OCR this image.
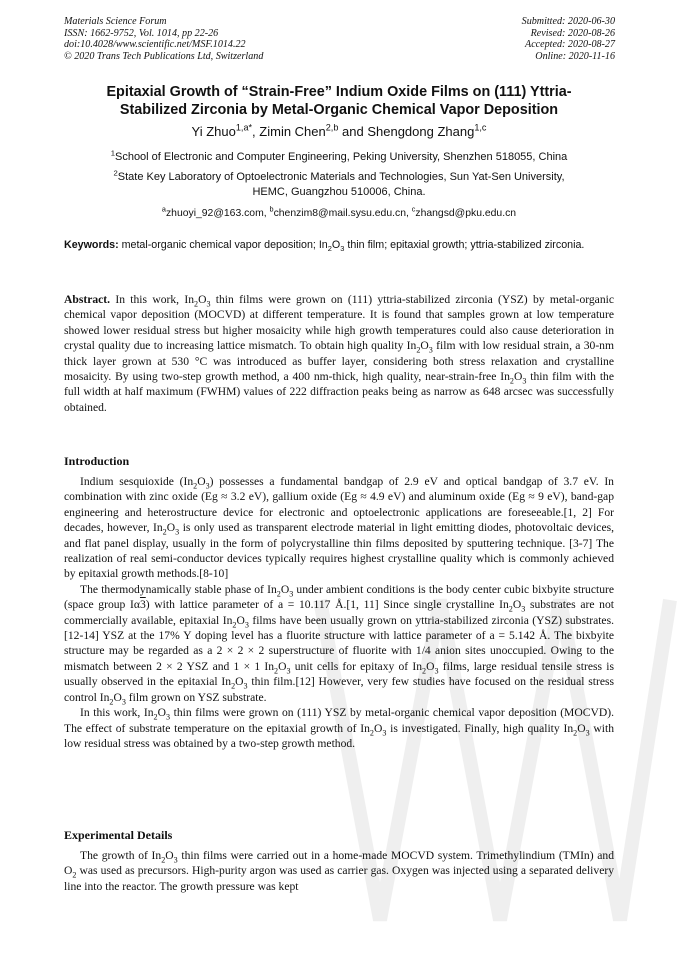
Materials Science Forum
ISSN: 1662-9752, Vol. 1014, pp 22-26
doi:10.4028/www.scientific.net/MSF.1014.22
© 2020 Trans Tech Publications Ltd, Switzerland
Submitted: 2020-06-30
Revised: 2020-08-26
Accepted: 2020-08-27
Online: 2020-11-16
Epitaxial Growth of “Strain-Free” Indium Oxide Films on (111) Yttria-
Stabilized Zirconia by Metal-Organic Chemical Vapor Deposition
Yi Zhuo$^{1,a*}$, Zimin Chen$^{2,b}$ and Shengdong Zhang$^{1,c}$
$^1$School of Electronic and Computer Engineering, Peking University, Shenzhen 518055, China
$^2$State Key Laboratory of Optoelectronic Materials and Technologies, Sun Yat-Sen University,
HEMC, Guangzhou 510006, China.
$^a$zhuoyi_92@163.com, $^b$chenzim8@mail.sysu.edu.cn, $^c$zhangsd@pku.edu.cn
Keywords: metal-organic chemical vapor deposition; $In_2O_3$ thin film; epitaxial growth; yttria-stabilized zirconia.
Abstract. In this work, $In_2O_3$ thin films were grown on (111) yttria-stabilized zirconia (YSZ) by metal-organic chemical vapor deposition (MOCVD) at different temperature. It is found that samples grown at low temperature showed lower residual stress but higher mosaicity while high growth temperatures could also cause deterioration in crystal quality due to increasing lattice mismatch. To obtain high quality $In_2O_3$ film with low residual strain, a 30-nm thick layer grown at 530 °C was introduced as buffer layer, considering both stress relaxation and crystalline mosaicity. By using two-step growth method, a 400 nm-thick, high quality, near-strain-free $In_2O_3$ thin film with the full width at half maximum (FWHM) values of 222 diffraction peaks being as narrow as 648 arcsec was successfully obtained.
Introduction

Indium sesquioxide $(In_2O_3)$ possesses a fundamental bandgap of 2.9 eV and optical bandgap of 3.7 eV. In combination with zinc oxide (Eg ≈ 3.2 eV), gallium oxide (Eg ≈ 4.9 eV) and aluminum oxide (Eg ≈ 9 eV), band-gap engineering and heterostructure device for electronic and optoelectronic applications are foreseeable.[1, 2] For decades, however, $In_2O_3$ is only used as transparent electrode material in light emitting diodes, photovoltaic devices, and flat panel display, usually in the form of polycrystalline thin films deposited by sputtering technique. [3-7] The realization of real semi-conductor devices typically requires highest crystalline quality which is commonly achieved by epitaxial growth methods.[8-10]

The thermodynamically stable phase of $In_2O_3$ under ambient conditions is the body center cubic bixbyite structure (space group Iα3) with lattice parameter of a = 10.117 Å.[1, 11] Since single crystalline $In_2O_3$ substrates are not commercially available, epitaxial $In_2O_3$ films have been usually grown on yttria-stabilized zirconia (YSZ) substrates.[12-14] YSZ at the 17% Y doping level has a fluorite structure with lattice parameter of a = 5.142 Å. The bixbyite structure may be regarded as a 2 × 2 × 2 superstructure of fluorite with 1/4 anion sites unoccupied. Owing to the mismatch between 2 × 2 YSZ and 1 × 1 $In_2O_3$ unit cells for epitaxy of $In_2O_3$ films, large residual tensile stress is usually observed in the epitaxial $In_2O_3$ thin film.[12] However, very few studies have focused on the residual stress control $In_2O_3$ film grown on YSZ substrate.

In this work, $In_2O_3$ thin films were grown on (111) YSZ by metal-organic chemical vapor deposition (MOCVD). The effect of substrate temperature on the epitaxial growth of $In_2O_3$ is investigated. Finally, high quality $In_2O_3$ with low residual stress was obtained by a two-step growth method.

Experimental Details

The growth of $In_2O_3$ thin films were carried out in a home-made MOCVD system. Trimethylindium (TMIn) and $O_2$ was used as precursors. High-purity argon was used as carrier gas. Oxygen was injected using a separated delivery line into the reactor. The growth pressure was kept
